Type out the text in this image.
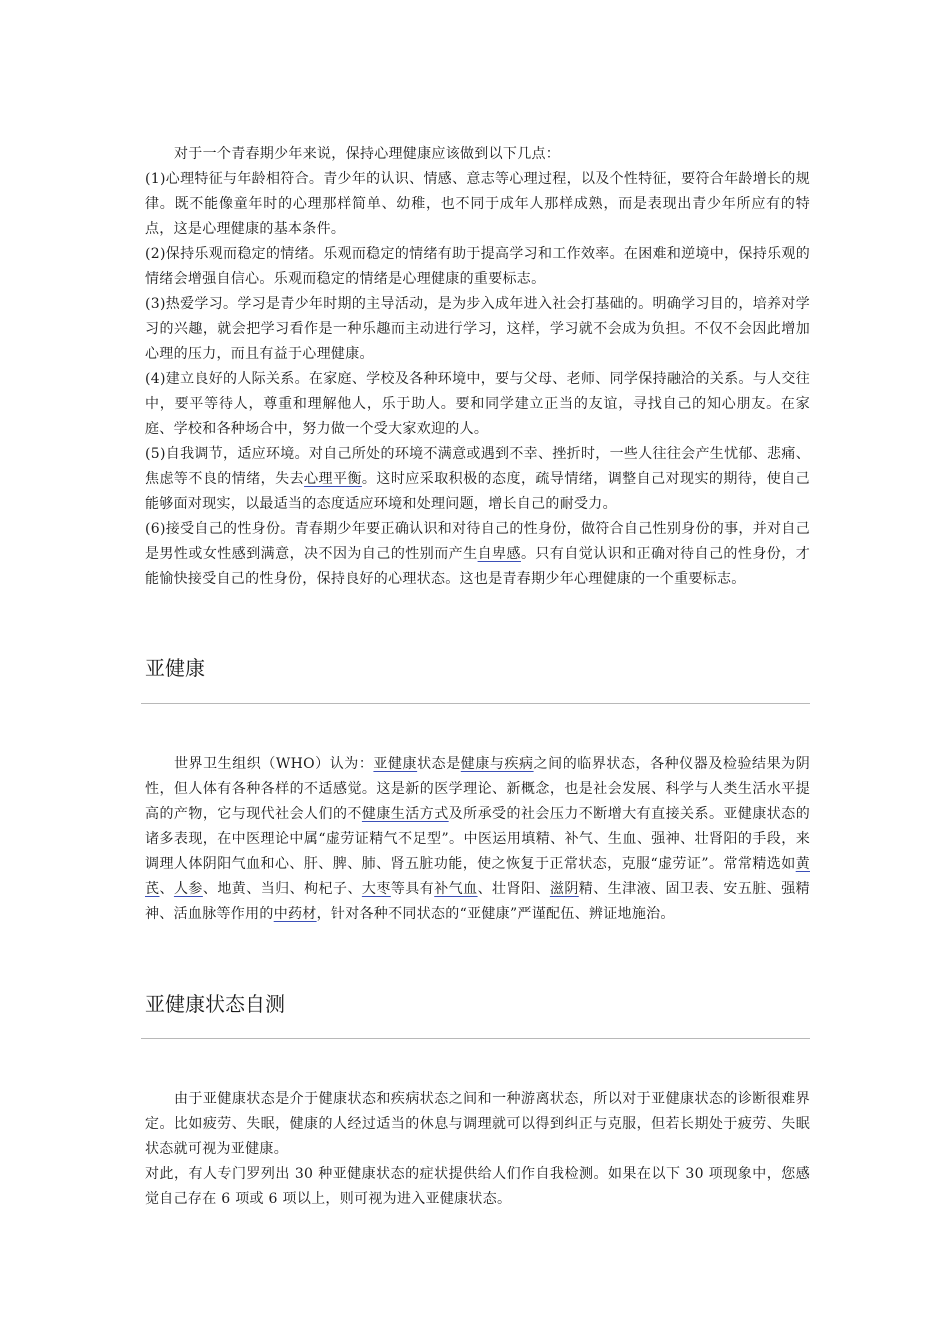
对于一个青春期少年来说，保持心理健康应该做到以下几点：

(1)心理特征与年龄相符合。青少年的认识、情感、意志等心理过程，以及个性特征，要符合年龄增长的规律。既不能像童年时的心理那样简单、幼稚，也不同于成年人那样成熟，而是表现出青少年所应有的特点，这是心理健康的基本条件。

(2)保持乐观而稳定的情绪。乐观而稳定的情绪有助于提高学习和工作效率。在困难和逆境中，保持乐观的情绪会增强自信心。乐观而稳定的情绪是心理健康的重要标志。

(3)热爱学习。学习是青少年时期的主导活动，是为步入成年进入社会打基础的。明确学习目的，培养对学习的兴趣，就会把学习看作是一种乐趣而主动进行学习，这样，学习就不会成为负担。不仅不会因此增加心理的压力，而且有益于心理健康。

(4)建立良好的人际关系。在家庭、学校及各种环境中，要与父母、老师、同学保持融洽的关系。与人交往中，要平等待人，尊重和理解他人，乐于助人。要和同学建立正当的友谊，寻找自己的知心朋友。在家庭、学校和各种场合中，努力做一个受大家欢迎的人。

(5)自我调节，适应环境。对自己所处的环境不满意或遇到不幸、挫折时，一些人往往会产生忧郁、悲痛、焦虑等不良的情绪，失去心理平衡。这时应采取积极的态度，疏导情绪，调整自己对现实的期待，使自己能够面对现实，以最适当的态度适应环境和处理问题，增长自己的耐受力。

(6)接受自己的性身份。青春期少年要正确认识和对待自己的性身份，做符合自己性别身份的事，并对自己是男性或女性感到满意，决不因为自己的性别而产生自卑感。只有自觉认识和正确对待自己的性身份，才能愉快接受自己的性身份，保持良好的心理状态。这也是青春期少年心理健康的一个重要标志。

亚健康

世界卫生组织（WHO）认为：亚健康状态是健康与疾病之间的临界状态，各种仪器及检验结果为阴性，但人体有各种各样的不适感觉。这是新的医学理论、新概念，也是社会发展、科学与人类生活水平提高的产物，它与现代社会人们的不健康生活方式及所承受的社会压力不断增大有直接关系。亚健康状态的诸多表现，在中医理论中属“虚劳证精气不足型”。中医运用填精、补气、生血、强神、壮肾阳的手段，来调理人体阴阳气血和心、肝、脾、肺、肾五脏功能，使之恢复于正常状态，克服“虚劳证”。常常精选如黄芪、人参、地黄、当归、枸杞子、大枣等具有补气血、壮肾阳、滋阴精、生津液、固卫表、安五脏、强精神、活血脉等作用的中药材，针对各种不同状态的“亚健康”严谨配伍、辨证地施治。

亚健康状态自测

由于亚健康状态是介于健康状态和疾病状态之间和一种游离状态，所以对于亚健康状态的诊断很难界定。比如疲劳、失眠，健康的人经过适当的休息与调理就可以得到纠正与克服，但若长期处于疲劳、失眠状态就可视为亚健康。

对此，有人专门罗列出 30 种亚健康状态的症状提供给人们作自我检测。如果在以下 30 项现象中，您感觉自己存在 6 项或 6 项以上，则可视为进入亚健康状态。
